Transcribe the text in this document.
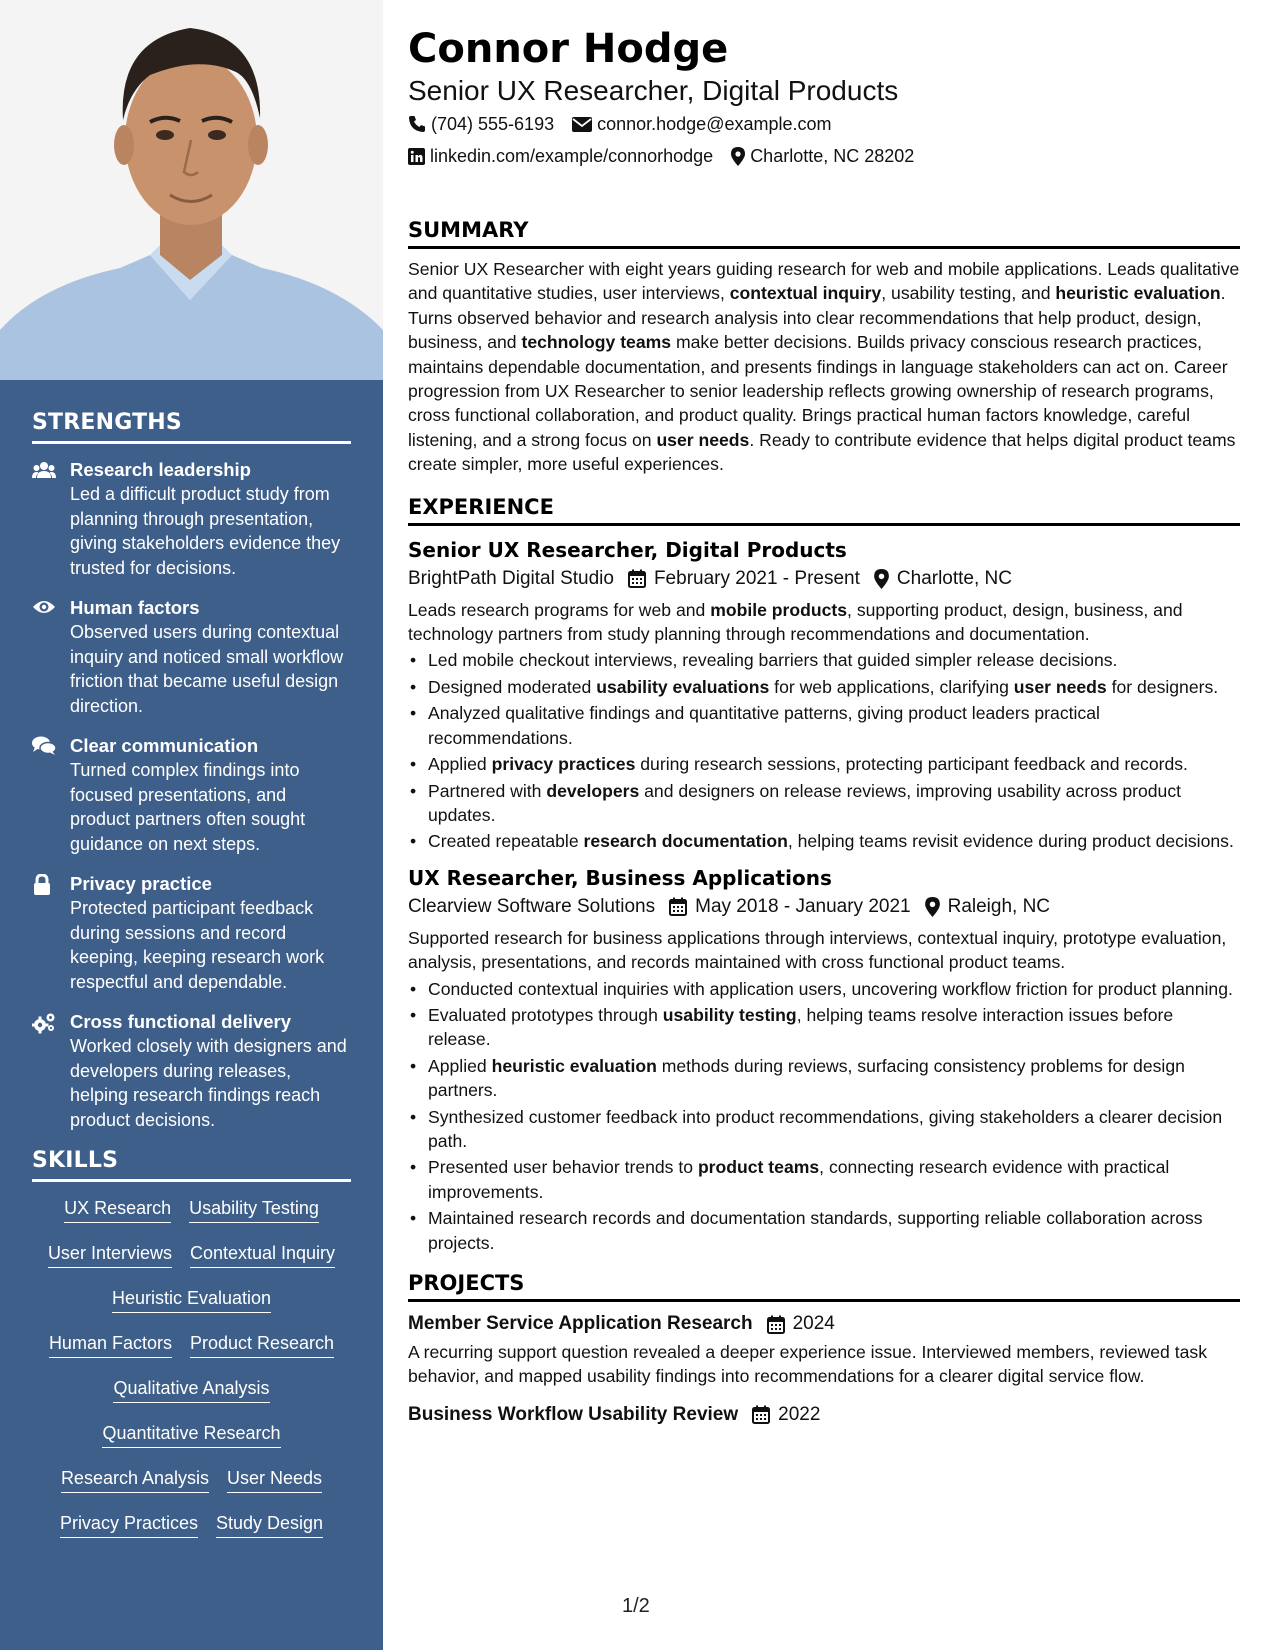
STRENGTHS
Research leadership
Led a difficult product study from planning through presentation, giving stakeholders evidence they trusted for decisions.
Human factors
Observed users during contextual inquiry and noticed small workflow friction that became useful design direction.
Clear communication
Turned complex findings into focused presentations, and product partners often sought guidance on next steps.
Privacy practice
Protected participant feedback during sessions and record keeping, keeping research work respectful and dependable.
Cross functional delivery
Worked closely with designers and developers during releases, helping research findings reach product decisions.
SKILLS
UX Research Usability Testing
User Interviews Contextual Inquiry
Heuristic Evaluation
Human Factors Product Research
Qualitative Analysis
Quantitative Research
Research Analysis User Needs
Privacy Practices Study Design
Connor Hodge
Senior UX Researcher, Digital Products
(704) 555-6193 connor.hodge@example.com
linkedin.com/example/connorhodge Charlotte, NC 28202
SUMMARY
Senior UX Researcher with eight years guiding research for web and mobile applications. Leads qualitative and quantitative studies, user interviews, contextual inquiry, usability testing, and heuristic evaluation. Turns observed behavior and research analysis into clear recommendations that help product, design, business, and technology teams make better decisions. Builds privacy conscious research practices, maintains dependable documentation, and presents findings in language stakeholders can act on. Career progression from UX Researcher to senior leadership reflects growing ownership of research programs, cross functional collaboration, and product quality. Brings practical human factors knowledge, careful listening, and a strong focus on user needs. Ready to contribute evidence that helps digital product teams create simpler, more useful experiences.
EXPERIENCE
Senior UX Researcher, Digital Products
BrightPath Digital Studio February 2021 - Present Charlotte, NC
Leads research programs for web and mobile products, supporting product, design, business, and technology partners from study planning through recommendations and documentation.
• Led mobile checkout interviews, revealing barriers that guided simpler release decisions.
• Designed moderated usability evaluations for web applications, clarifying user needs for designers.
• Analyzed qualitative findings and quantitative patterns, giving product leaders practical recommendations.
• Applied privacy practices during research sessions, protecting participant feedback and records.
• Partnered with developers and designers on release reviews, improving usability across product updates.
• Created repeatable research documentation, helping teams revisit evidence during product decisions.
UX Researcher, Business Applications
Clearview Software Solutions May 2018 - January 2021 Raleigh, NC
Supported research for business applications through interviews, contextual inquiry, prototype evaluation, analysis, presentations, and records maintained with cross functional product teams.
• Conducted contextual inquiries with application users, uncovering workflow friction for product planning.
• Evaluated prototypes through usability testing, helping teams resolve interaction issues before release.
• Applied heuristic evaluation methods during reviews, surfacing consistency problems for design partners.
• Synthesized customer feedback into product recommendations, giving stakeholders a clearer decision path.
• Presented user behavior trends to product teams, connecting research evidence with practical improvements.
• Maintained research records and documentation standards, supporting reliable collaboration across projects.
PROJECTS
Member Service Application Research 2024
A recurring support question revealed a deeper experience issue. Interviewed members, reviewed task behavior, and mapped usability findings into recommendations for a clearer digital service flow.
Business Workflow Usability Review 2022
1/2
